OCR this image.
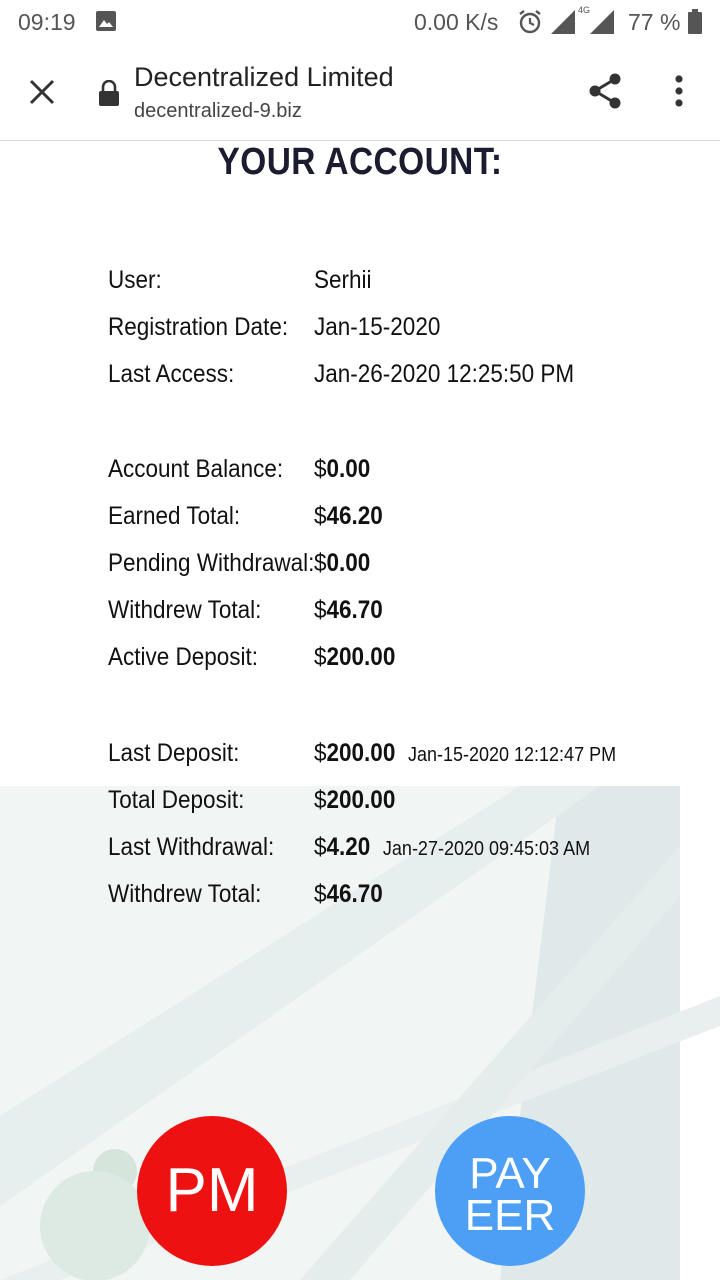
09:19	0.00 K/s	4G 77 %
Decentralized Limited
decentralized-9.biz
YOUR ACCOUNT:
User:	Serhii
Registration Date: Jan-15-2020
Last Access:	Jan-26-2020 12:25:50 PM
Account Balance: $0.00
Earned Total:	$46.20
Pending Withdrawal: $0.00
Withdrew Total: $46.70
Active Deposit: $200.00
Last Deposit:	$200.00 Jan-15-2020 12:12:47 PM
Total Deposit:	$200.00
Last Withdrawal: $4.20 Jan-27-2020 09:45:03 AM
Withdrew Total: $46.70
PM	PAY
EER
